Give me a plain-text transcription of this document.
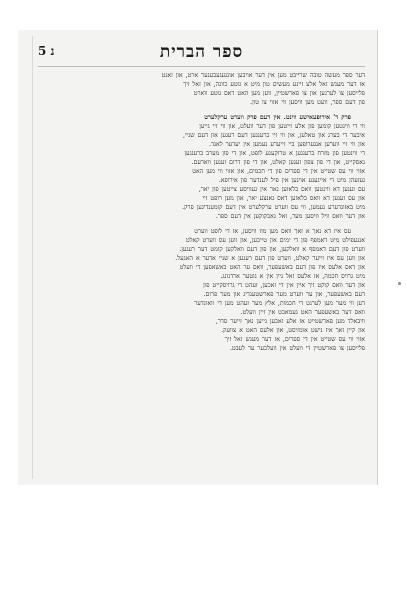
ספר הברית
5 נ

דער ספר מעשה טובה שרייבט מען אין דער אויבען אונגעגעבענער ארט, און זאגט

אז דער מענש זאל אלע זיינע מעשים טון מיט א גוטע כוונה, און זאל זיך

פלייסען צו לערנען און צו פארשטיין, ווען מען האט דאס גוטע ווארט

פון דעם ספר, וועט מען וויסען ווי אזוי צו טון.

פרק ד' אירופעאישע ווינט. אין דעם פרק ווערט ערקלערט

ווי די ווינטען קומען פון אלע זייטען פון דער וועלט, און ווי זיי גייען

איבער די בערג און טאלען, און ווי זיי ברענגען דעם רעגען און דעם שניי,

און ווי זיי ווערען אנגערופען ביי זייערע נעמען אין יעדער לאנד.

די ווינטען פון מזרח ברענגען א טרוקענע לופט, און די פון מערב ברענגען

נאסקייט, און די פון צפון זענען קאלט, און די פון דרום זענען ווארעם.

אזוי ווי עס שטייט אין די ספרים פון די חכמים, און אזוי ווי מען האט

געזעהן מיט די אייגענע אויגען אין פיל לענדער פון אירופא.

עס זענען דא ווינטען וואס בלאזען נאר אין געוויסע צייטען פון יאר,

און עס זענען דא וואס בלאזען דאס גאנצע יאר, און מען רופט זיי

מיט באזונדערע נעמען, ווי עס ווערט ערקלערט אין דעם קומענדיגען פרק.

און דער וואס וויל וויסען מער, זאל נאכקוקען אין דעם ספר.

עס איז דא נאך א זאך וואס מען מוז וויסען, אז די לופט ווערט

אנגעפילט מיט דאמפף פון די ימים און טייכען, און ווען עס ווערט קאלט

ווערט פון דעם דאמפף א וואלקען, און פון דעם וואלקען קומט דער רעגען.

און ווען עס איז זייער קאלט, ווערט פון דעם רעגען א שניי אדער א האגעל.

און דאס אלעס איז פון דעם באשעפער, וואס ער האט באשאפען די וועלט

מיט גרויס חכמה, אז אלעס זאל גיין אין א גוטער ארדנונג.

און דער וואס קוקט זיך איין אין די זאכען, זעהט די גרויסקייט פון

דעם באשעפער, און ער ווערט מער פארשטענדיג און מער פרום.

דען ווי מער מען לערנט די חכמות, אלץ מער זעהט מען די וואונדער

וואס דער באשעפער האט געמאכט אין זיין וועלט.

וויבאלד מען פארשטייט אז אלע זאכען גייען נאך זייער סדר,

און קיין זאך איז נישט אומזיסט, און אלעס האט א צוועק.

אזוי ווי עס שטייט אין די ספרים, אז דער מענש זאל זיך

פלייסען צו פארשטיין די וועלט אין וועלכער ער לעבט.
